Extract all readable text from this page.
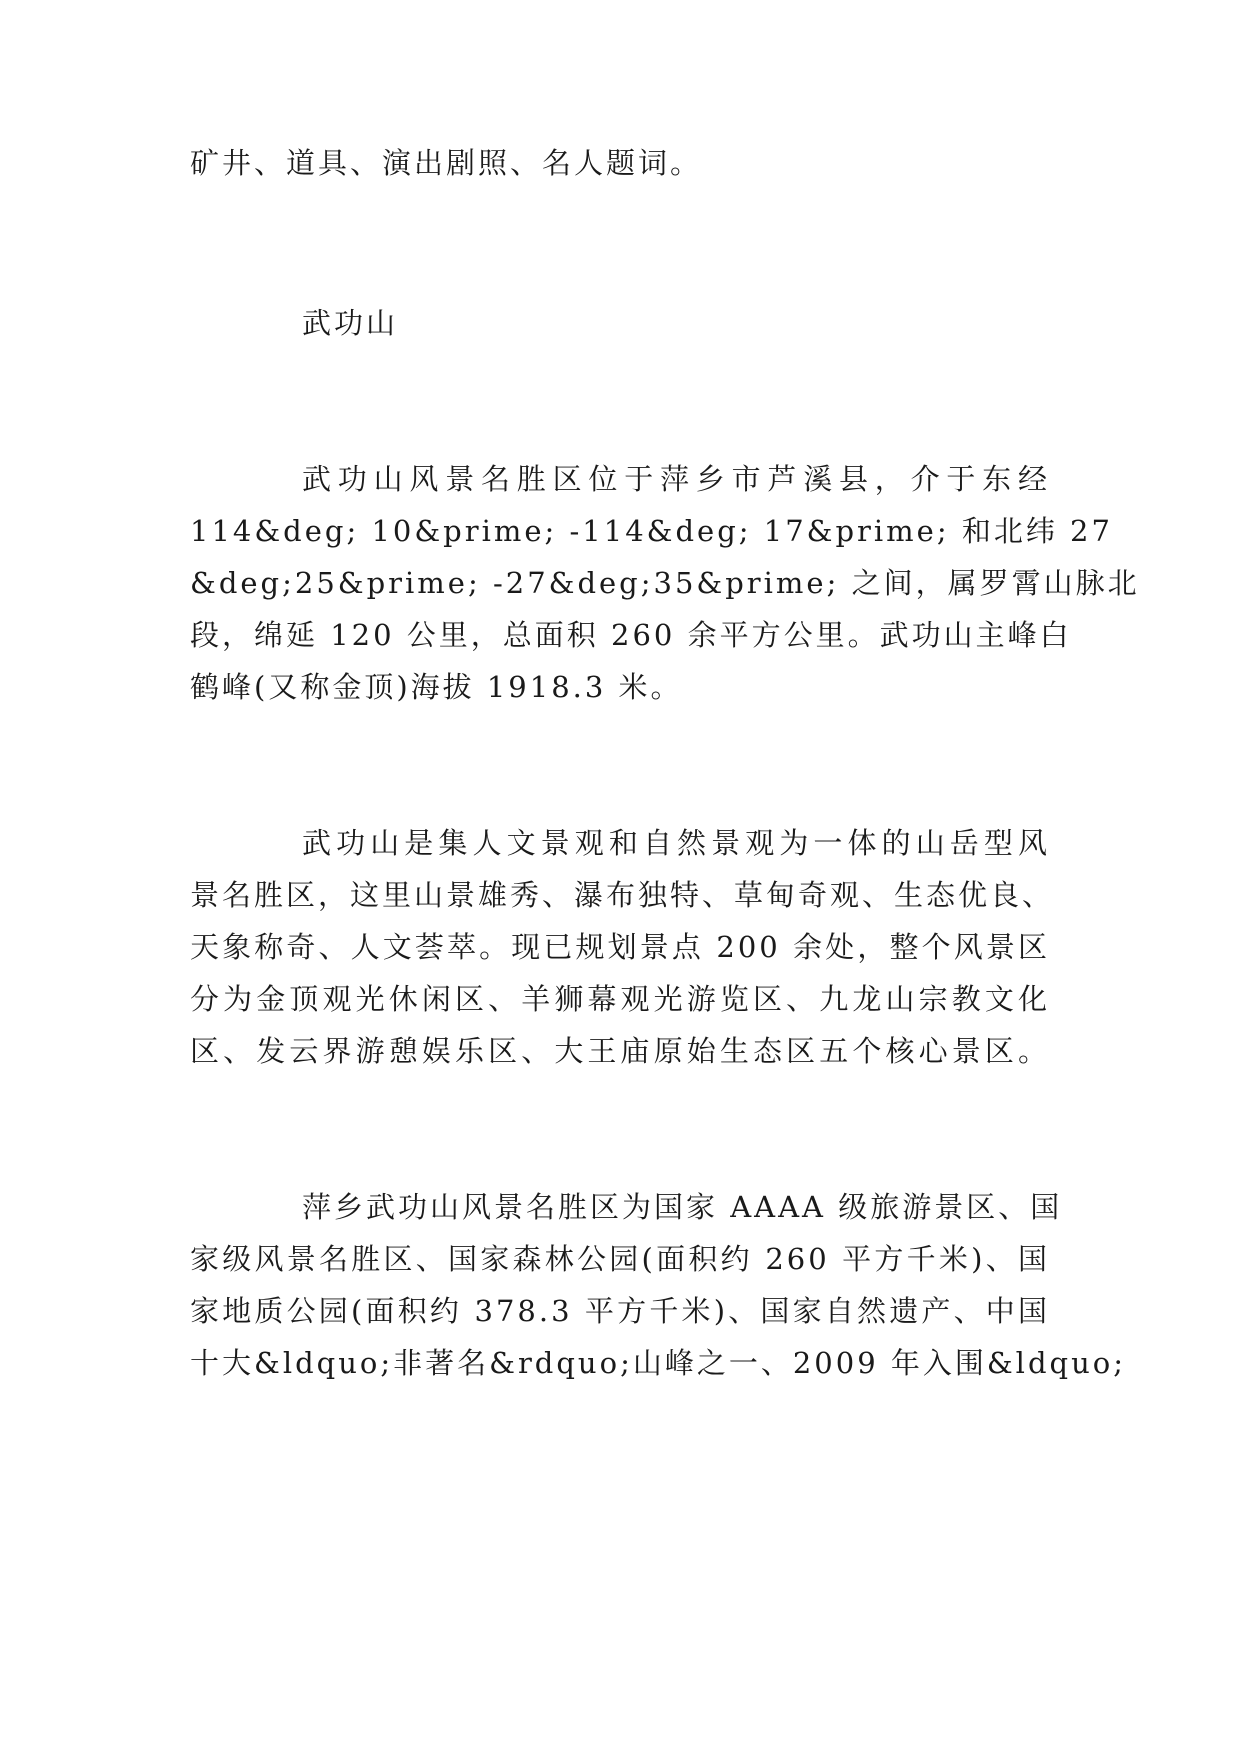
矿井、道具、演出剧照、名人题词。
武功山
武功山风景名胜区位于萍乡市芦溪县，介于东经
114&deg; 10&prime; -114&deg; 17&prime; 和北纬 27
&deg;25&prime; -27&deg;35&prime; 之间，属罗霄山脉北
段，绵延 120 公里，总面积 260 余平方公里。武功山主峰白
鹤峰(又称金顶)海拔 1918.3 米。
武功山是集人文景观和自然景观为一体的山岳型风
景名胜区，这里山景雄秀、瀑布独特、草甸奇观、生态优良、
天象称奇、人文荟萃。现已规划景点 200 余处，整个风景区
分为金顶观光休闲区、羊狮幕观光游览区、九龙山宗教文化
区、发云界游憩娱乐区、大王庙原始生态区五个核心景区。
萍乡武功山风景名胜区为国家 AAAA 级旅游景区、国
家级风景名胜区、国家森林公园(面积约 260 平方千米)、国
家地质公园(面积约 378.3 平方千米)、国家自然遗产、中国
十大&ldquo;非著名&rdquo;山峰之一、2009 年入围&ldquo;
